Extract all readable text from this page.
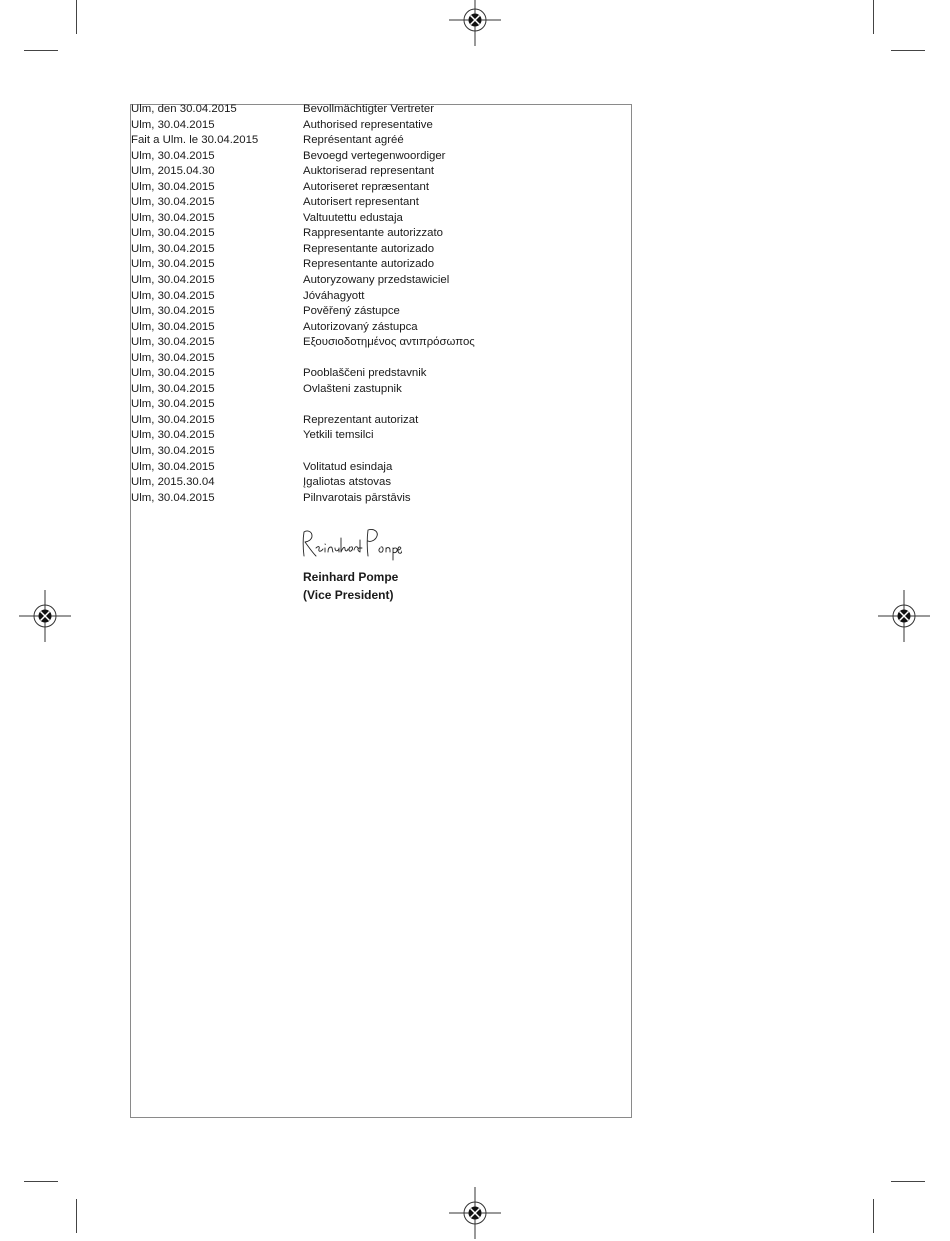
Ulm, den 30.04.2015	Bevollmächtigter Vertreter
Ulm, 30.04.2015	Authorised representative
Fait a Ulm. le 30.04.2015	Représentant agréé
Ulm, 30.04.2015	Bevoegd vertegenwoordiger
Ulm, 2015.04.30	Auktoriserad representant
Ulm, 30.04.2015	Autoriseret repræsentant
Ulm, 30.04.2015	Autorisert representant
Ulm, 30.04.2015	Valtuutettu edustaja
Ulm, 30.04.2015	Rappresentante autorizzato
Ulm, 30.04.2015	Representante autorizado
Ulm, 30.04.2015	Representante autorizado
Ulm, 30.04.2015	Autoryzowany przedstawiciel
Ulm, 30.04.2015	Jóváhagyott
Ulm, 30.04.2015	Pověřený zástupce
Ulm, 30.04.2015	Autorizovaný zástupca
Ulm, 30.04.2015	Εξουσιοδοτημένος αντιπρόσωπος
Ulm, 30.04.2015
Ulm, 30.04.2015	Pooblaščeni predstavnik
Ulm, 30.04.2015	Ovlašteni zastupnik
Ulm, 30.04.2015
Ulm, 30.04.2015	Reprezentant autorizat
Ulm, 30.04.2015	Yetkili temsilci
Ulm, 30.04.2015
Ulm, 30.04.2015	Volitatud esindaja
Ulm, 2015.30.04	Įgaliotas atstovas
Ulm, 30.04.2015	Pilnvarotais pārstāvis
Reinhard Pompe
(Vice President)
